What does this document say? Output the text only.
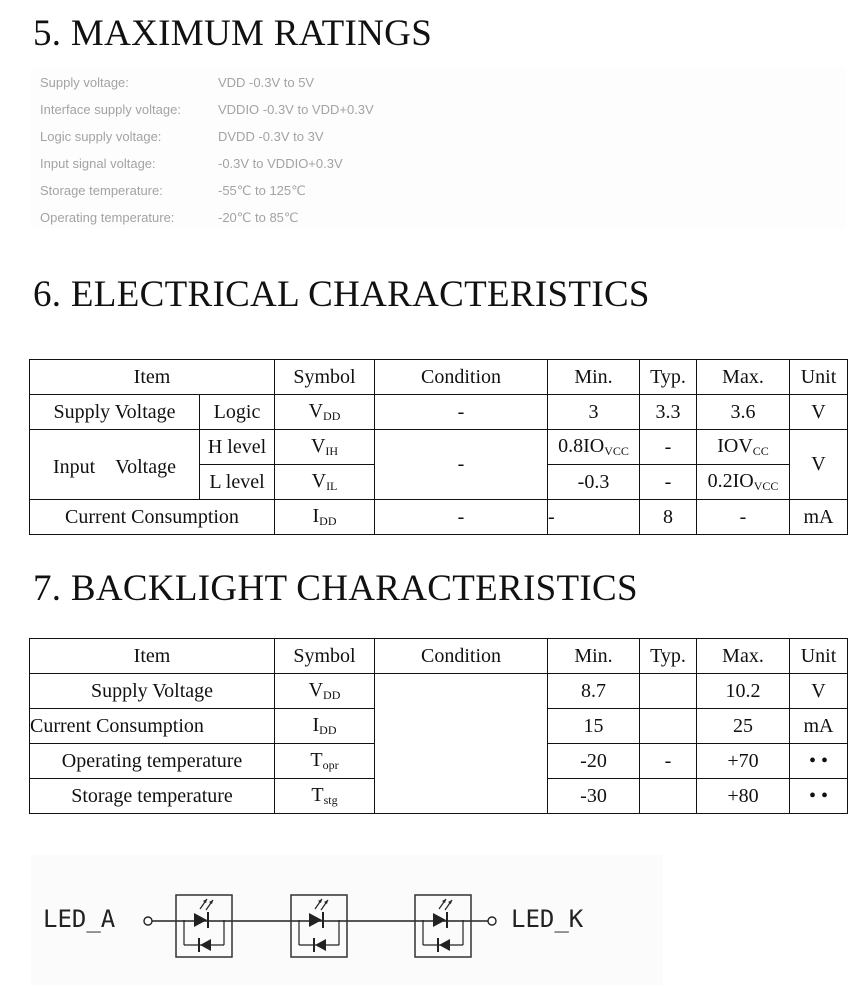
5. MAXIMUM RATINGS
Supply voltage:	VDD -0.3V to 5V
Interface supply voltage:	VDDIO -0.3V to VDD+0.3V
Logic supply voltage:	DVDD -0.3V to 3V
Input signal voltage:	-0.3V to VDDIO+0.3V
Storage temperature:	-55℃ to 125℃
Operating temperature:	-20℃ to 85℃
6. ELECTRICAL CHARACTERISTICS
Item		Symbol	Condition	Min.	Typ.	Max.	Unit
Supply Voltage	Logic	$V_{DD}$	-	3	3.3	3.6	V
Input　Voltage	H level	$V_{IH}$	-	$0.8IO_{VCC}$	-	$IOV_{CC}$	V
	L level	$V_{IL}$		-0.3	-	$0.2IO_{VCC}$
Current Consumption		$I_{DD}$	-	-	8	-	mA
7. BACKLIGHT CHARACTERISTICS
Item	Symbol	Condition	Min.	Typ.	Max.	Unit
Supply Voltage	$V_{DD}$		8.7		10.2	V
Current Consumption	$I_{DD}$		15		25	mA
Operating temperature	$T_{opr}$		-20	-	+70	• •
Storage temperature	$T_{stg}$		-30		+80	• •
LED_A	LED_K
